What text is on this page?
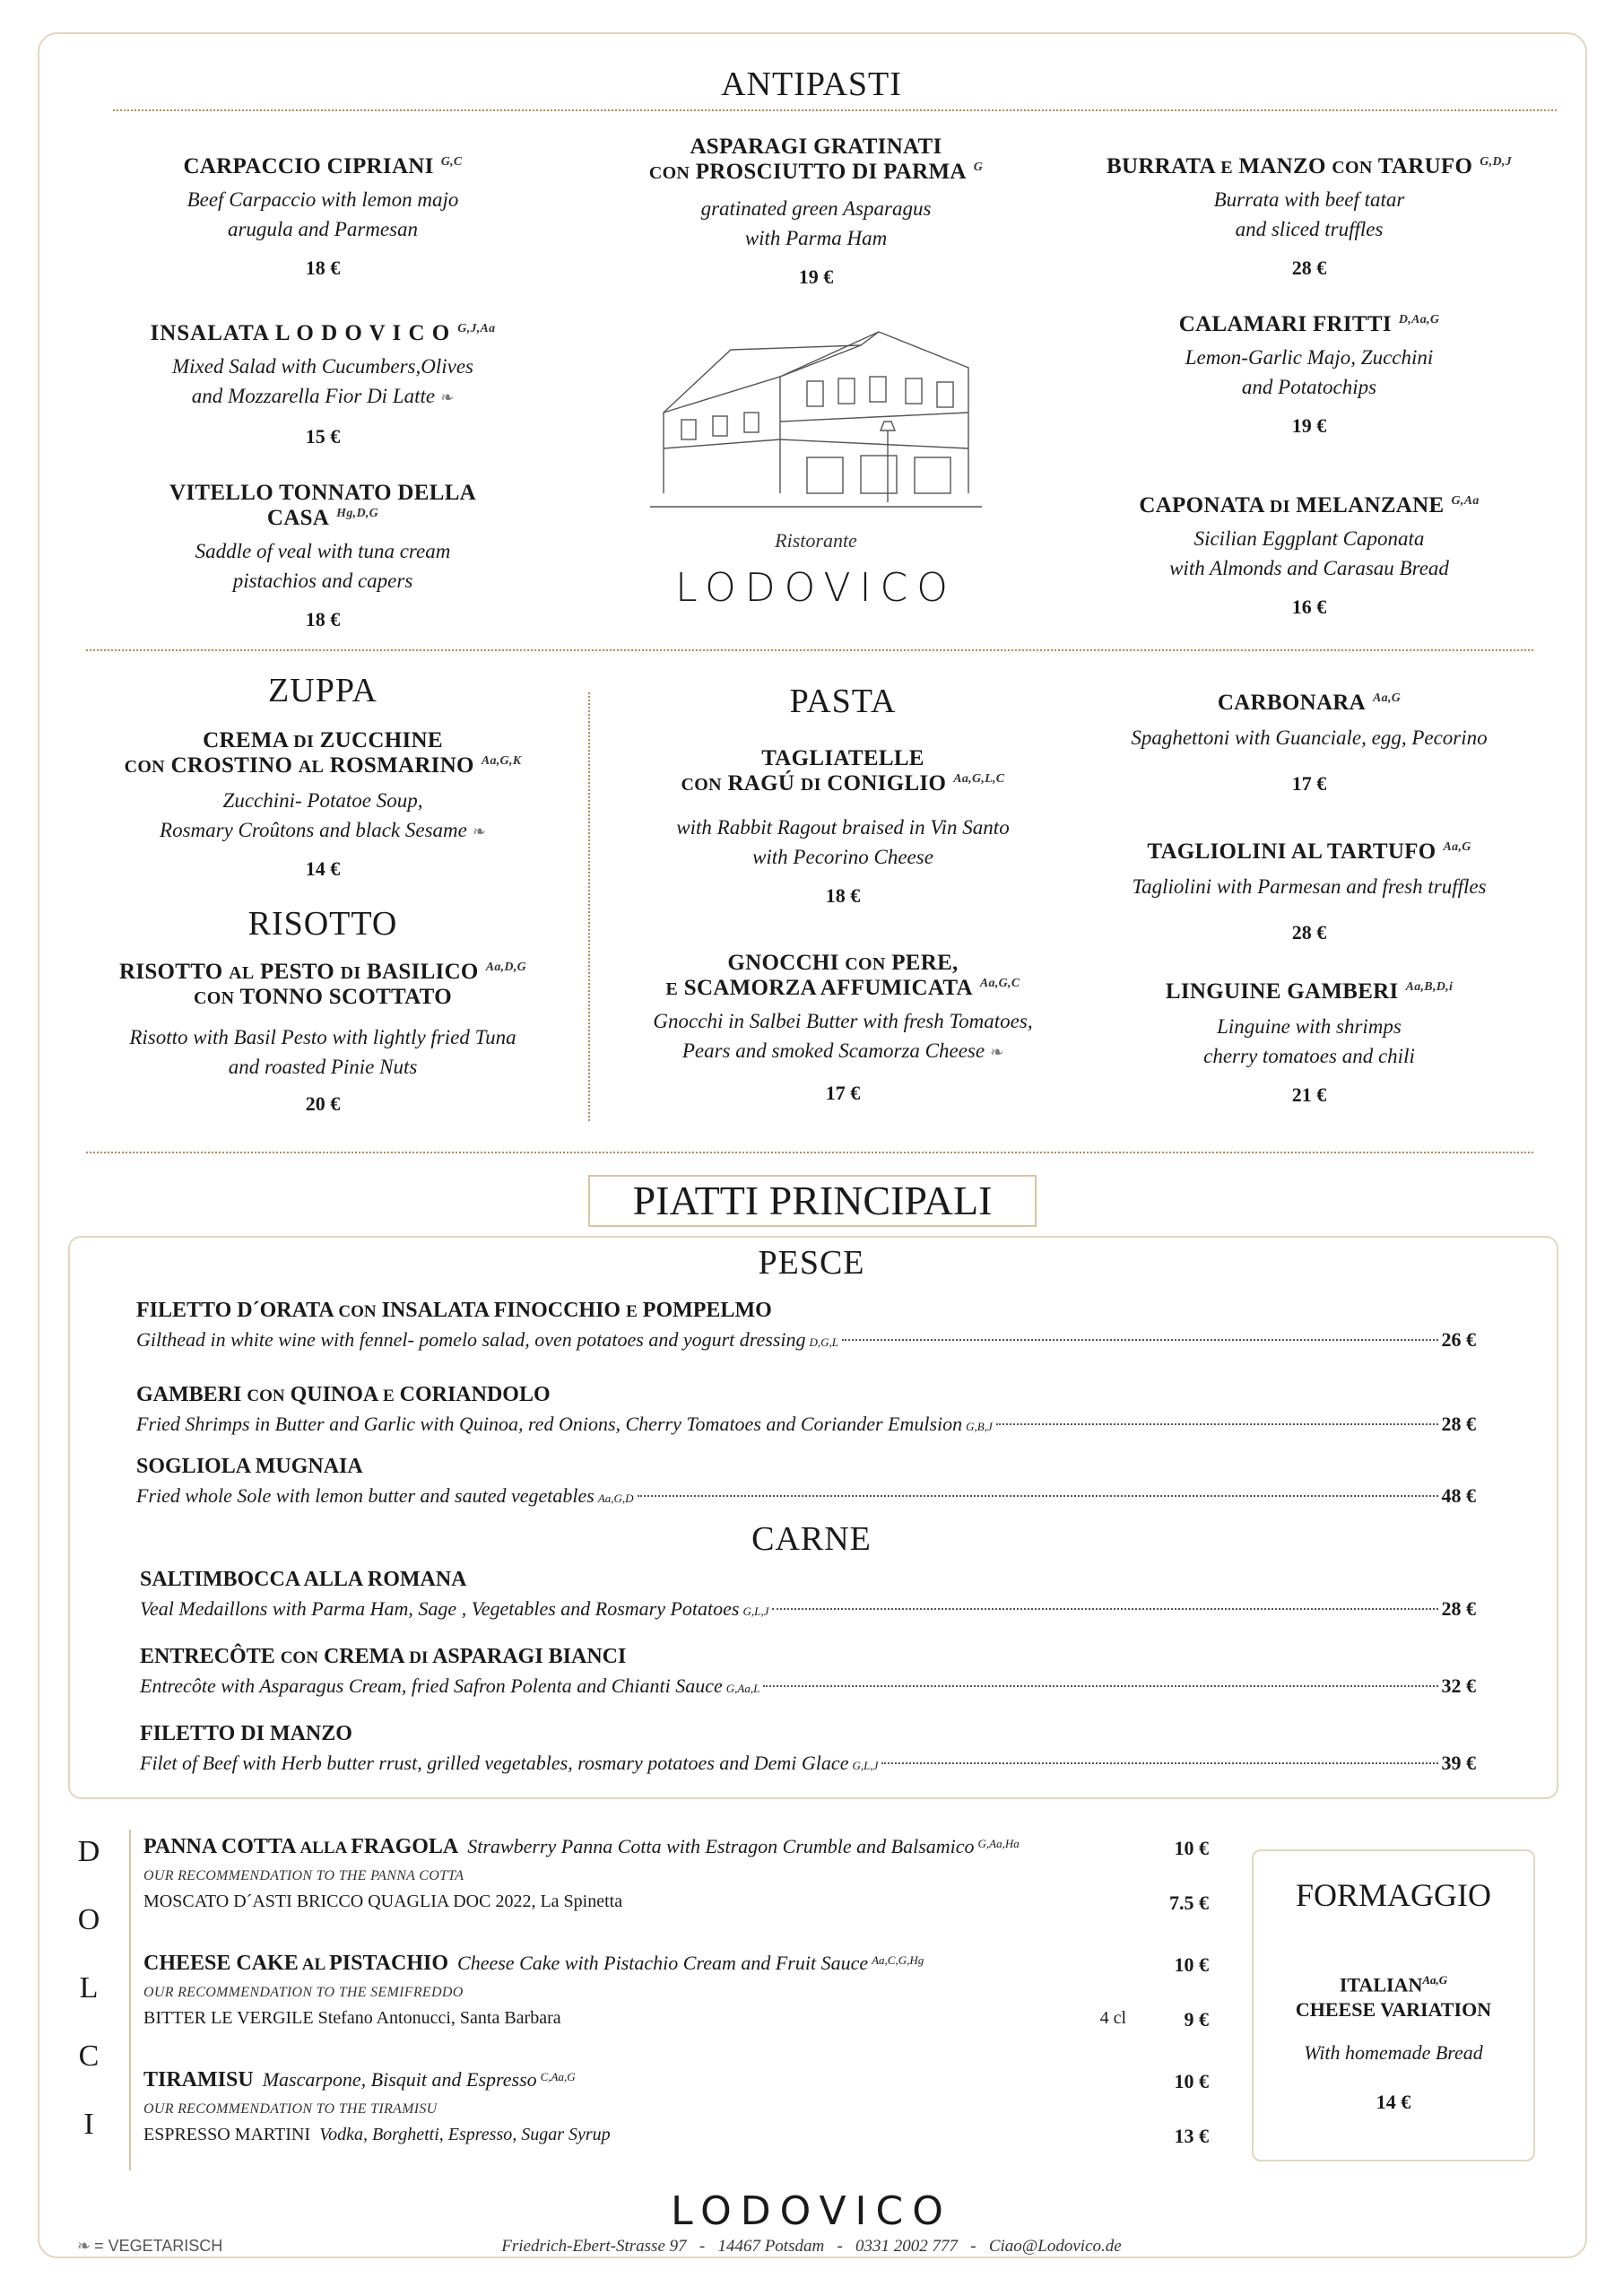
ANTIPASTI
CARPACCIO CIPRIANI $^{G,C}$
Beef Carpaccio with lemon majo
arugula and Parmesan
18 €
INSALATA L O D O V I C O $^{G,J,Aa}$
Mixed Salad with Cucumbers,Olives
and Mozzarella Fior Di Latte ❧
15 €
VITELLO TONNATO DELLA CASA $^{Hg,D,G}$
Saddle of veal with tuna cream
pistachios and capers
18 €
ASPARAGI GRATINATI
CON PROSCIUTTO DI PARMA $^G$
gratinated green Asparagus
with Parma Ham
19 €
Ristorante
LODOVICO
BURRATA E MANZO CON TARUFO $^{G,D,J}$
Burrata with beef tatar
and sliced truffles
28 €
CALAMARI FRITTI $^{D,Aa,G}$
Lemon-Garlic Majo, Zucchini
and Potatochips
19 €
CAPONATA DI MELANZANE $^{G,Aa}$
Sicilian Eggplant Caponata
with Almonds and Carasau Bread
16 €
ZUPPA
CREMA DI ZUCCHINE
CON CROSTINO AL ROSMARINO $^{Aa,G,K}$
Zucchini- Potatoe Soup,
Rosmary Croûtons and black Sesame ❧
14 €
RISOTTO
RISOTTO AL PESTO DI BASILICO $^{Aa,D,G}$
CON TONNO SCOTTATO
Risotto with Basil Pesto with lightly fried Tuna
and roasted Pinie Nuts
20 €
PASTA
TAGLIATELLE
CON RAGÚ DI CONIGLIO $^{Aa,G,L,C}$
with Rabbit Ragout braised in Vin Santo
with Pecorino Cheese
18 €
GNOCCHI CON PERE,
E SCAMORZA AFFUMICATA $^{Aa,G,C}$
Gnocchi in Salbei Butter with fresh Tomatoes,
Pears and smoked Scamorza Cheese ❧
17 €
CARBONARA $^{Aa,G}$
Spaghettoni with Guanciale, egg, Pecorino
17 €
TAGLIOLINI AL TARTUFO $^{Aa,G}$
Tagliolini with Parmesan and fresh truffles
28 €
LINGUINE GAMBERI $^{Aa,B,D,i}$
Linguine with shrimps
cherry tomatoes and chili
21 €
PIATTI PRINCIPALI
PESCE
FILETTO D´ORATA CON INSALATA FINOCCHIO E POMPELMO
Gilthead in white wine with fennel- pomelo salad, oven potatoes and yogurt dressing D,G,L	26 €
GAMBERI CON QUINOA E CORIANDOLO
Fried Shrimps in Butter and Garlic with Quinoa, red Onions, Cherry Tomatoes and Coriander Emulsion G,B,J	28 €
SOGLIOLA MUGNAIA
Fried whole Sole with lemon butter and sauted vegetables Aa,G,D	48 €
CARNE
SALTIMBOCCA ALLA ROMANA
Veal Medaillons with Parma Ham, Sage , Vegetables and Rosmary Potatoes G,L,J	28 €
ENTRECÔTE CON CREMA DI ASPARAGI BIANCI
Entrecôte with Asparagus Cream, fried Safron Polenta and Chianti Sauce G,Aa,L	32 €
FILETTO DI MANZO
Filet of Beef with Herb butter rrust, grilled vegetables, rosmary potatoes and Demi Glace G,L,J	39 €
D
O
L
C
I
PANNA COTTA ALLA FRAGOLA Strawberry Panna Cotta with Estragon Crumble and Balsamico $^{G,Aa,Ha}$	10 €
OUR RECOMMENDATION TO THE PANNA COTTA
MOSCATO D´ASTI BRICCO QUAGLIA DOC 2022, La Spinetta	7.5 €
CHEESE CAKE AL PISTACHIO Cheese Cake with Pistachio Cream and Fruit Sauce $^{Aa,C,G,Hg}$	10 €
OUR RECOMMENDATION TO THE SEMIFREDDO
BITTER LE VERGILE Stefano Antonucci, Santa Barbara	4 cl	9 €
TIRAMISU Mascarpone, Bisquit and Espresso $^{C,Aa,G}$	10 €
OUR RECOMMENDATION TO THE TIRAMISU
ESPRESSO MARTINI Vodka, Borghetti, Espresso, Sugar Syrup	13 €
FORMAGGIO
$ITALIAN^{Aa,G}$
CHEESE VARIATION
With homemade Bread
14 €
LODOVICO
❧ = VEGETARISCH	Friedrich-Ebert-Strasse 97   -   14467 Potsdam   -   0331 2002 777   -   Ciao@Lodovico.de
